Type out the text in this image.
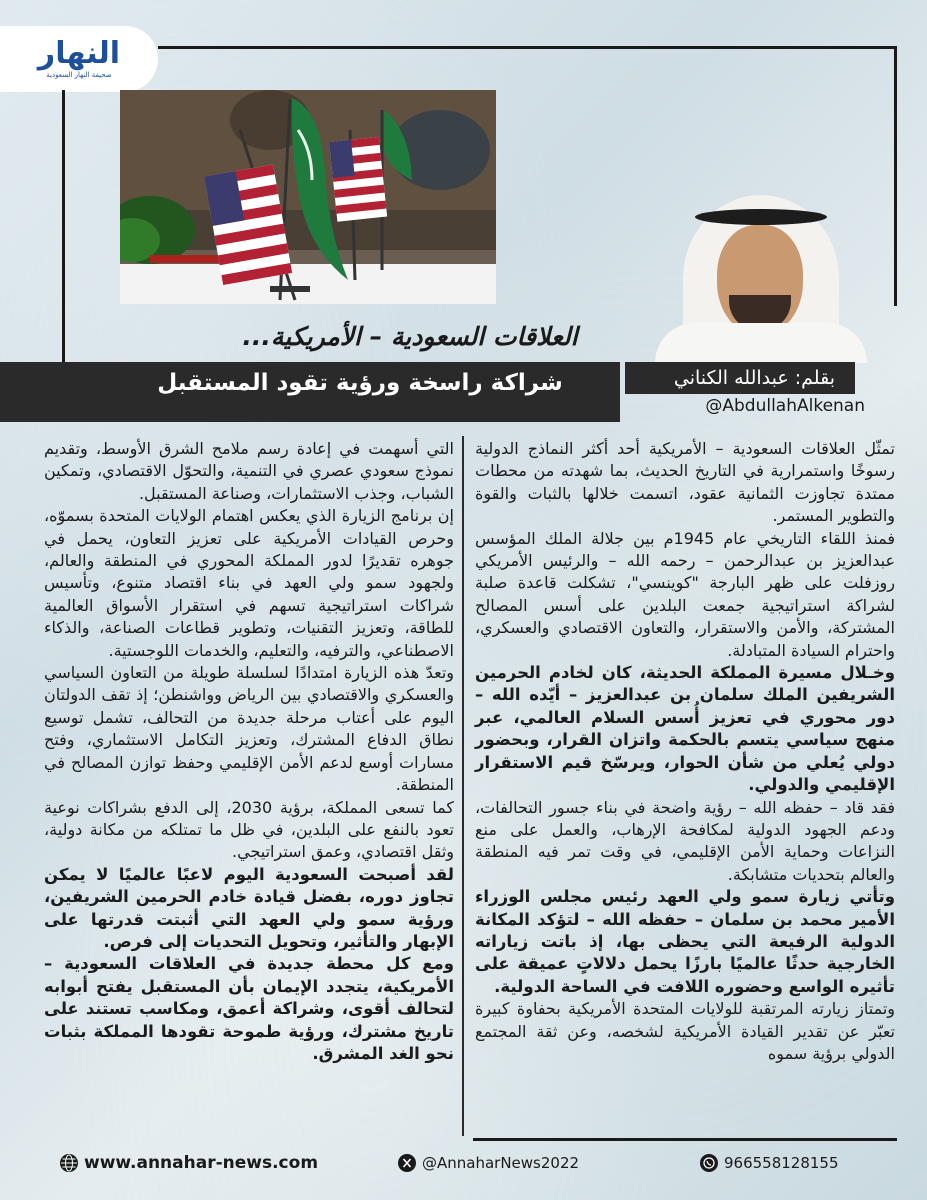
النهار
صحيفة النهار السعودية
العلاقات السعودية – الأمريكية...
شراكة راسخة ورؤية تقود المستقبل	بقلم: عبدالله الكناني
@AbdullahAlkenan

تمثّل العلاقات السعودية – الأمريكية أحد أكثر النماذج الدولية رسوخًا واستمرارية في التاريخ الحديث، بما شهدته من محطات ممتدة تجاوزت الثمانية عقود، اتسمت خلالها بالثبات والقوة والتطوير المستمر.

فمنذ اللقاء التاريخي عام 1945م بين جلالة الملك المؤسس عبدالعزيز بن عبدالرحمن – رحمه الله – والرئيس الأمريكي روزفلت على ظهر البارجة "كوينسي"، تشكلت قاعدة صلبة لشراكة استراتيجية جمعت البلدين على أسس المصالح المشتركة، والأمن والاستقرار، والتعاون الاقتصادي والعسكري، واحترام السيادة المتبادلة.

وخـلال مسيرة المملكة الحديثة، كان لخادم الحرمين الشريفين الملك سلمان بن عبدالعزيز – أيّده الله – دور محوري في تعزيز أُسس السلام العالمي، عبر منهج سياسي يتسم بالحكمة واتزان القرار، وبحضور دولي يُعلي من شأن الحوار، ويرسّخ قيم الاستقرار الإقليمي والدولي.

فقد قاد – حفظه الله – رؤية واضحة في بناء جسور التحالفات، ودعم الجهود الدولية لمكافحة الإرهاب، والعمل على منع النزاعات وحماية الأمن الإقليمي، في وقت تمر فيه المنطقة والعالم بتحديات متشابكة.

وتأتي زيارة سمو ولي العهد رئيس مجلس الوزراء الأمير محمد بن سلمان – حفظه الله – لتؤكد المكانة الدولية الرفيعة التي يحظى بها، إذ باتت زياراته الخارجية حدثًا عالميًا بارزًا يحمل دلالاتٍ عميقة على تأثيره الواسع وحضوره اللافت في الساحة الدولية.

وتمتاز زيارته المرتقبة للولايات المتحدة الأمريكية بحفاوة كبيرة تعبّر عن تقدير القيادة الأمريكية لشخصه، وعن ثقة المجتمع الدولي برؤية سموه

التي أسهمت في إعادة رسم ملامح الشرق الأوسط، وتقديم نموذج سعودي عصري في التنمية، والتحوّل الاقتصادي، وتمكين الشباب، وجذب الاستثمارات، وصناعة المستقبل.

إن برنامج الزيارة الذي يعكس اهتمام الولايات المتحدة بسموّه، وحرص القيادات الأمريكية على تعزيز التعاون، يحمل في جوهره تقديرًا لدور المملكة المحوري في المنطقة والعالم، ولجهود سمو ولي العهد في بناء اقتصاد متنوع، وتأسيس شراكات استراتيجية تسهم في استقرار الأسواق العالمية للطاقة، وتعزيز التقنيات، وتطوير قطاعات الصناعة، والذكاء الاصطناعي، والترفيه، والتعليم، والخدمات اللوجستية.

وتعدّ هذه الزيارة امتدادًا لسلسلة طويلة من التعاون السياسي والعسكري والاقتصادي بين الرياض وواشنطن؛ إذ تقف الدولتان اليوم على أعتاب مرحلة جديدة من التحالف، تشمل توسيع نطاق الدفاع المشترك، وتعزيز التكامل الاستثماري، وفتح مسارات أوسع لدعم الأمن الإقليمي وحفظ توازن المصالح في المنطقة.

كما تسعى المملكة، برؤية 2030، إلى الدفع بشراكات نوعية تعود بالنفع على البلدين، في ظل ما تمتلكه من مكانة دولية، وثقل اقتصادي، وعمق استراتيجي.

لقد أصبحت السعودية اليوم لاعبًا عالميًا لا يمكن تجاوز دوره، بفضل قيادة خادم الحرمين الشريفين، ورؤية سمو ولي العهد التي أثبتت قدرتها على الإبهار والتأثير، وتحويل التحديات إلى فرص.

ومع كل محطة جديدة في العلاقات السعودية – الأمريكية، يتجدد الإيمان بأن المستقبل يفتح أبوابه لتحالف أقوى، وشراكة أعمق، ومكاسب تستند على تاريخ مشترك، ورؤية طموحة تقودها المملكة بثبات نحو الغد المشرق.

www.annahar-news.com	@AnnaharNews2022	966558128155
